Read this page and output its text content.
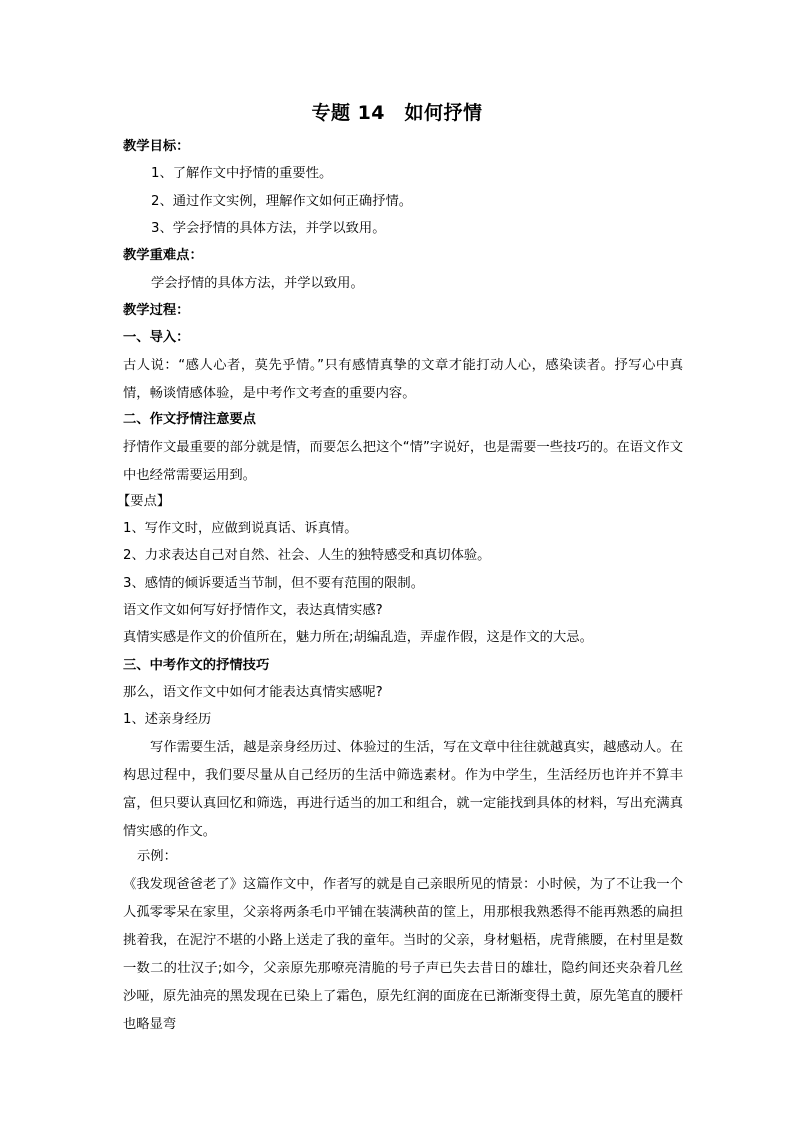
专题 14　如何抒情
教学目标：
1、了解作文中抒情的重要性。
2、通过作文实例，理解作文如何正确抒情。
3、学会抒情的具体方法，并学以致用。
教学重难点：
学会抒情的具体方法，并学以致用。
教学过程：
一、导入：
古人说：“感人心者，莫先乎情。”只有感情真挚的文章才能打动人心，感染读者。抒写心中真情，畅谈情感体验，是中考作文考查的重要内容。
二、作文抒情注意要点
抒情作文最重要的部分就是情，而要怎么把这个“情”字说好，也是需要一些技巧的。在语文作文中也经常需要运用到。
【要点】
1、写作文时，应做到说真话、诉真情。
2、力求表达自己对自然、社会、人生的独特感受和真切体验。
3、感情的倾诉要适当节制，但不要有范围的限制。
语文作文如何写好抒情作文，表达真情实感?
真情实感是作文的价值所在，魅力所在;胡编乱造，弄虚作假，这是作文的大忌。
三、中考作文的抒情技巧
那么，语文作文中如何才能表达真情实感呢?
1、述亲身经历
写作需要生活，越是亲身经历过、体验过的生活，写在文章中往往就越真实，越感动人。在构思过程中，我们要尽量从自己经历的生活中筛选素材。作为中学生，生活经历也许并不算丰富，但只要认真回忆和筛选，再进行适当的加工和组合，就一定能找到具体的材料，写出充满真情实感的作文。
示例：
《我发现爸爸老了》这篇作文中，作者写的就是自己亲眼所见的情景：小时候，为了不让我一个人孤零零呆在家里，父亲将两条毛巾平铺在装满秧苗的筐上，用那根我熟悉得不能再熟悉的扁担挑着我，在泥泞不堪的小路上送走了我的童年。当时的父亲，身材魁梧，虎背熊腰，在村里是数一数二的壮汉子;如今，父亲原先那嘹亮清脆的号子声已失去昔日的雄壮，隐约间还夹杂着几丝沙哑，原先油亮的黑发现在已染上了霜色，原先红润的面庞在已渐渐变得土黄，原先笔直的腰杆也略显弯
